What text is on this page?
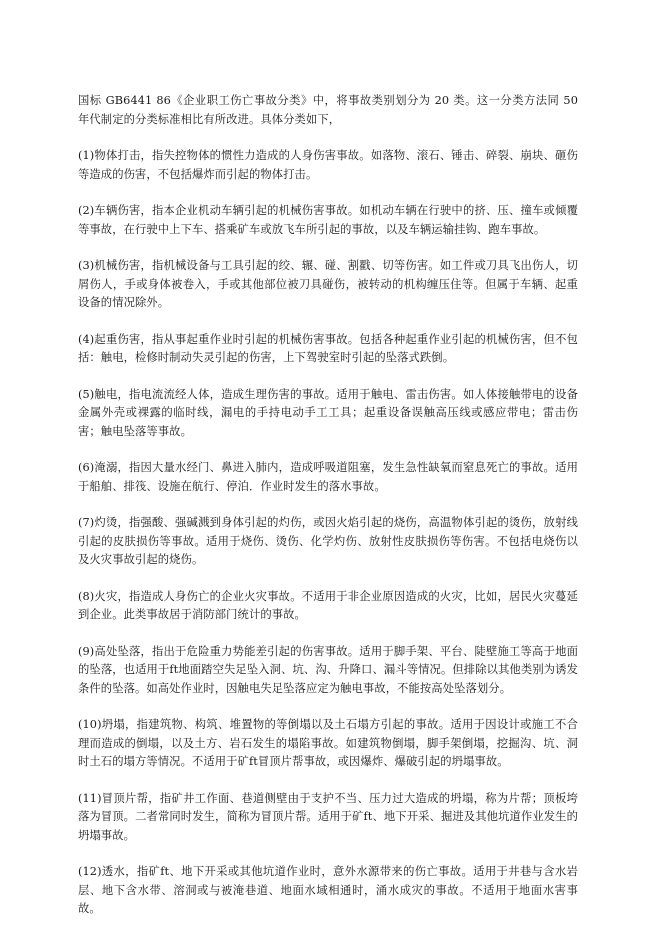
国标 GB6441 86《企业职工伤亡事故分类》中，将事故类别划分为 20 类。这一分类方法同 50 年代制定的分类标准相比有所改进。具体分类如下，

(1)物体打击，指失控物体的惯性力造成的人身伤害事故。如落物、滚石、锤击、碎裂、崩块、砸伤等造成的伤害，不包括爆炸而引起的物体打击。

(2)车辆伤害，指本企业机动车辆引起的机械伤害事故。如机动车辆在行驶中的挤、压、撞车或倾覆等事故，在行驶中上下车、搭乘矿车或放飞车所引起的事故，以及车辆运输挂钩、跑车事故。

(3)机械伤害，指机械设备与工具引起的绞、辗、碰、割戳、切等伤害。如工件或刀具飞出伤人，切屑伤人，手或身体被卷入，手或其他部位被刀具碰伤，被转动的机构缠压住等。但属于车辆、起重设备的情况除外。

(4)起重伤害，指从事起重作业时引起的机械伤害事故。包括各种起重作业引起的机械伤害，但不包括：触电，检修时制动失灵引起的伤害，上下驾驶室时引起的坠落式跌倒。

(5)触电，指电流流经人体，造成生理伤害的事故。适用于触电、雷击伤害。如人体接触带电的设备金属外壳或裸露的临时线，漏电的手持电动手工工具；起重设备误触高压线或感应带电；雷击伤害；触电坠落等事故。

(6)淹溺，指因大量水经门、鼻进入肺内，造成呼吸道阻塞，发生急性缺氧而窒息死亡的事故。适用于船舶、排筏、设施在航行、停泊．作业时发生的落水事故。

(7)灼烫，指强酸、强碱溅到身体引起的灼伤，或因火焰引起的烧伤，高温物体引起的烫伤，放射线引起的皮肤损伤等事故。适用于烧伤、烫伤、化学灼伤、放射性皮肤损伤等伤害。不包括电烧伤以及火灾事故引起的烧伤。

(8)火灾，指造成人身伤亡的企业火灾事故。不适用于非企业原因造成的火灾，比如，居民火灾蔓延到企业。此类事故居于消防部门统计的事故。

(9)高处坠落，指出于危险重力势能差引起的伤害事故。适用于脚手架、平台、陡壁施工等高于地面的坠落，也适用于ft地面踏空失足坠入洞、坑、沟、升降口、漏斗等情况。但排除以其他类别为诱发条件的坠落。如高处作业时，因触电失足坠落应定为触电事故，不能按高处坠落划分。

(10)坍塌，指建筑物、构筑、堆置物的等倒塌以及土石塌方引起的事故。适用于因设计或施工不合理而造成的倒塌，以及土方、岩石发生的塌陷事故。如建筑物倒塌，脚手架倒塌，挖掘沟、坑、洞时土石的塌方等情况。不适用于矿ft冒顶片帮事故，或因爆炸、爆破引起的坍塌事故。

(11)冒顶片帮，指矿井工作面、巷道侧壁由于支护不当、压力过大造成的坍塌，称为片帮；顶板垮落为冒顶。二者常同时发生，简称为冒顶片帮。适用于矿ft、地下开采、掘进及其他坑道作业发生的坍塌事故。

(12)透水，指矿ft、地下开采或其他坑道作业时，意外水源带来的伤亡事故。适用于井巷与含水岩层、地下含水带、溶洞或与被淹巷道、地面水域相通时，涌水成灾的事故。不适用于地面水害事故。
